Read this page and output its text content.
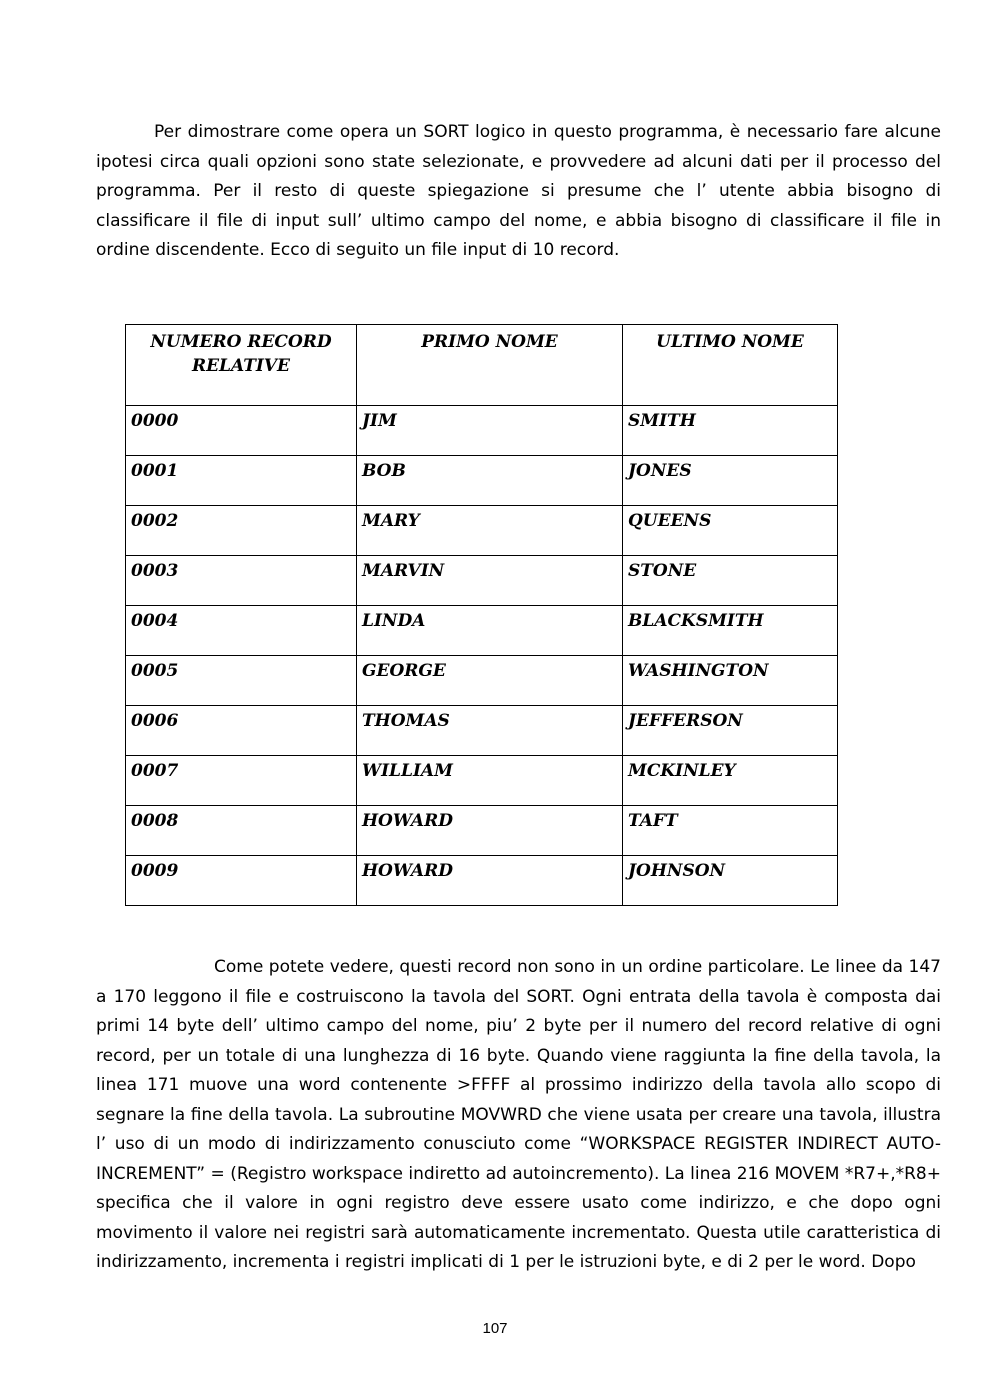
Per dimostrare come opera un SORT logico in questo programma, è necessario fare alcune ipotesi circa quali opzioni sono state selezionate, e provvedere ad alcuni dati per il processo del programma. Per il resto di queste spiegazione si presume che l’ utente abbia bisogno di classificare il file di input sull’ ultimo campo del nome, e abbia bisogno di classificare il file in ordine discendente. Ecco di seguito un file input di 10 record.

NUMERO RECORD
RELATIVE	PRIMO NOME	ULTIMO NOME
0000	JIM	SMITH
0001	BOB	JONES
0002	MARY	QUEENS
0003	MARVIN	STONE
0004	LINDA	BLACKSMITH
0005	GEORGE	WASHINGTON
0006	THOMAS	JEFFERSON
0007	WILLIAM	MCKINLEY
0008	HOWARD	TAFT
0009	HOWARD	JOHNSON

Come potete vedere, questi record non sono in un ordine particolare. Le linee da 147 a 170 leggono il file e costruiscono la tavola del SORT. Ogni entrata della tavola è composta dai primi 14 byte dell’ ultimo campo del nome, piu’ 2 byte per il numero del record relative di ogni record, per un totale di una lunghezza di 16 byte. Quando viene raggiunta la fine della tavola, la linea 171 muove una word contenente >FFFF al prossimo indirizzo della tavola allo scopo di segnare la fine della tavola. La subroutine MOVWRD che viene usata per creare una tavola, illustra l’ uso di un modo di indirizzamento conusciuto come “WORKSPACE REGISTER INDIRECT AUTO-INCREMENT” = (Registro workspace indiretto ad autoincremento). La linea 216 MOVEM *R7+,*R8+ specifica che il valore in ogni registro deve essere usato come indirizzo, e che dopo ogni movimento il valore nei registri sarà automaticamente incrementato. Questa utile caratteristica di indirizzamento, incrementa i registri implicati di 1 per le istruzioni byte, e di 2 per le word. Dopo

107
